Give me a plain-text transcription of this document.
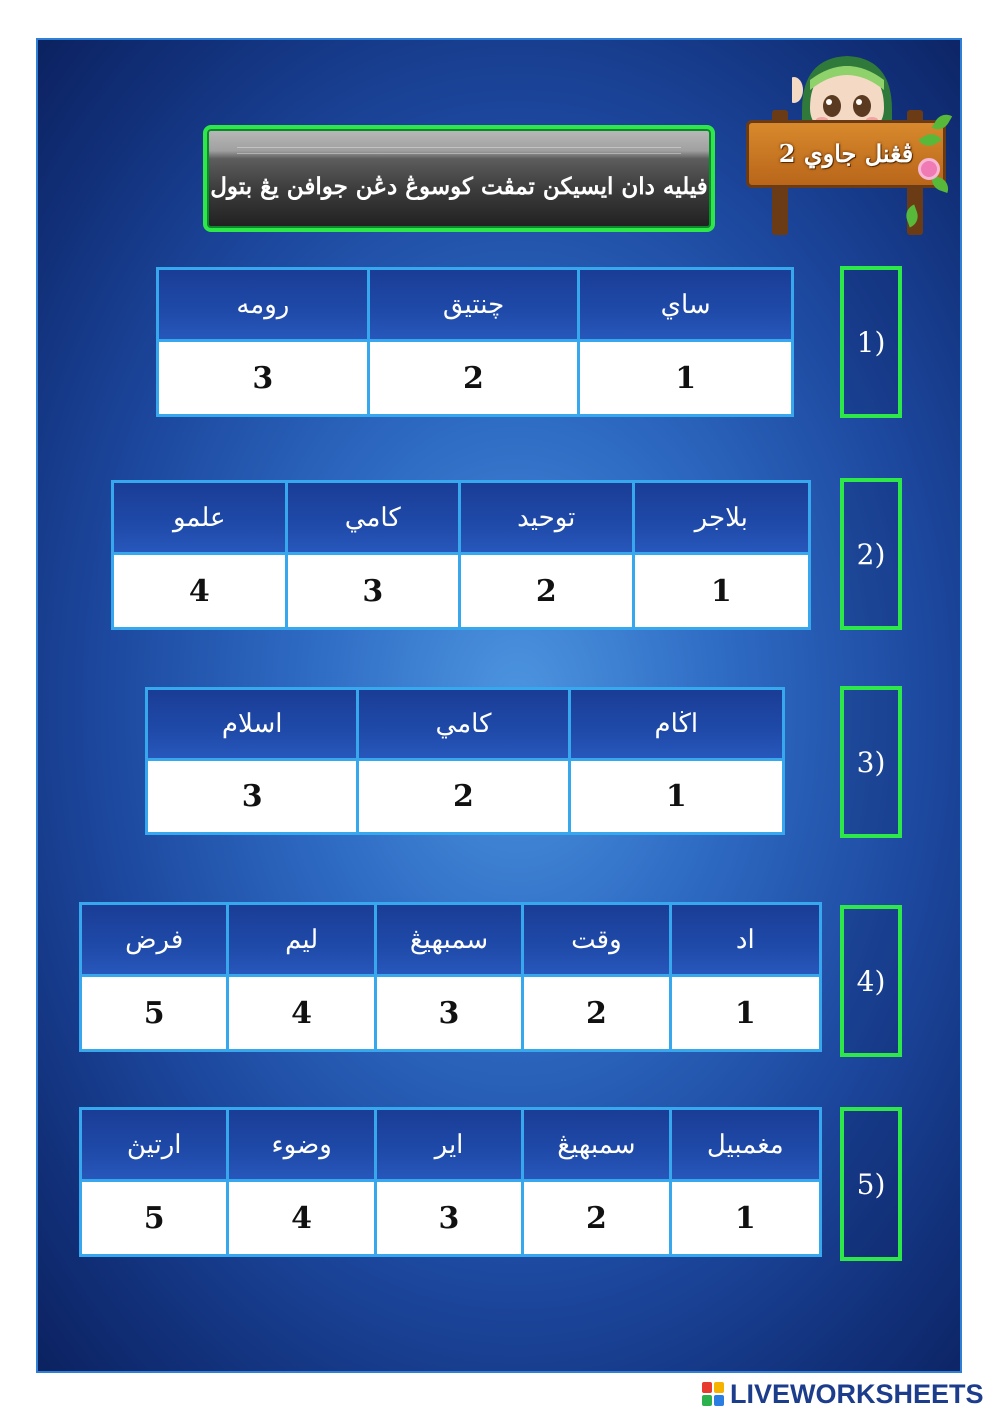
ڤڠنل جاوي 2
فيليه دان ايسيكن تمڤت كوسوڠ دڠن جوافن يڠ بتول
1)
رومه	چنتيق	ساي
3	2	1
2)
علمو	كامي	توحيد	بلاجر
4	3	2	1
3)
اسلام	كامي	اڬام
3	2	1
4)
فرض	ليم	سمبهيڠ	وقت	اد
5	4	3	2	1
5)
ارتيڽ	وضوء	اير	سمبهيڠ	مغمبيل
5	4	3	2	1
LIVEWORKSHEETS
